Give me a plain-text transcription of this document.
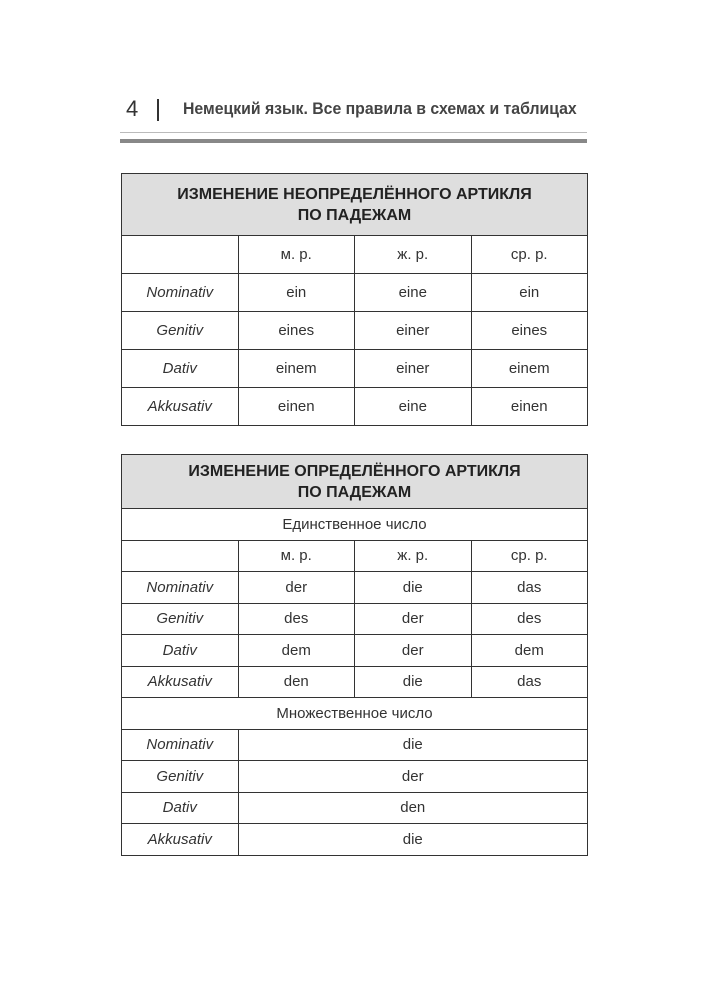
4	Немецкий язык. Все правила в схемах и таблицах
ИЗМЕНЕНИЕ НЕОПРЕДЕЛЁННОГО АРТИКЛЯ
ПО ПАДЕЖАМ			
	м. р.	ж. р.	ср. р.
Nominativ	ein	eine	ein
Genitiv	eines	einer	eines
Dativ	einem	einer	einem
Akkusativ	einen	eine	einen
ИЗМЕНЕНИЕ ОПРЕДЕЛЁННОГО АРТИКЛЯ
ПО ПАДЕЖАМ			
Единственное число			
	м. р.	ж. р.	ср. р.
Nominativ	der	die	das
Genitiv	des	der	des
Dativ	dem	der	dem
Akkusativ	den	die	das
Множественное число			
Nominativ	die		
Genitiv	der		
Dativ	den		
Akkusativ	die		
